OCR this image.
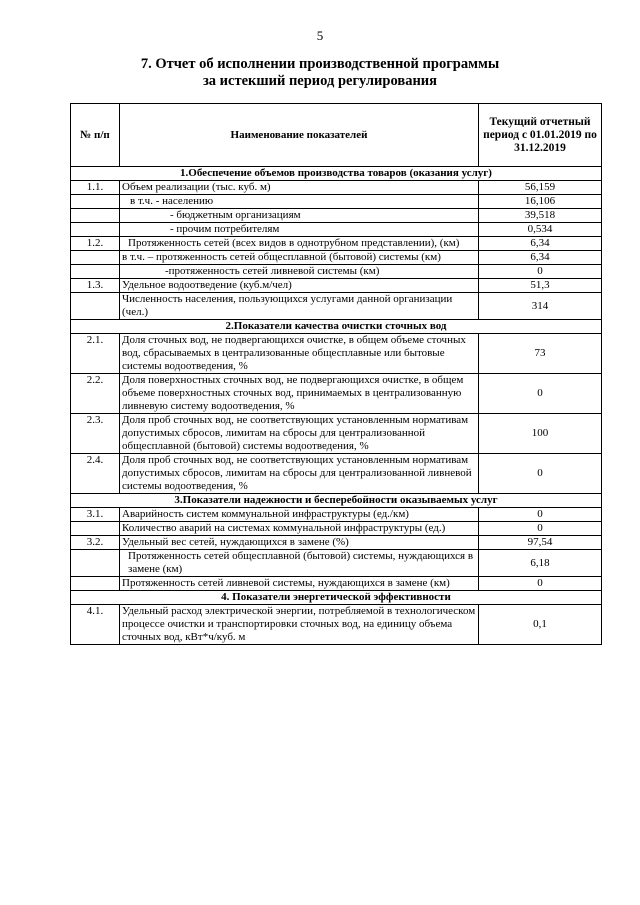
5
7. Отчет об исполнении производственной программы
за истекший период регулирования
№ п/п	Наименование показателей	Текущий отчетный период с 01.01.2019 по 31.12.2019
1.Обеспечение объемов производства товаров (оказания услуг)		
1.1.	Объем реализации (тыс. куб. м)	56,159
	в т.ч. - населению	16,106
	- бюджетным организациям	39,518
	- прочим потребителям	0,534
1.2.	Протяженность сетей (всех видов в однотрубном представлении), (км)	6,34
	в т.ч. – протяженность сетей общесплавной (бытовой) системы (км)	6,34
	-протяженность сетей ливневой системы (км)	0
1.3.	Удельное водоотведение (куб.м/чел)	51,3
	Численность населения, пользующихся услугами данной организации (чел.)	314
2.Показатели качества очистки сточных вод		
2.1.	Доля сточных вод, не подвергающихся очистке, в общем объеме сточных вод, сбрасываемых в централизованные общесплавные или бытовые системы водоотведения, %	73
2.2.	Доля поверхностных сточных вод, не подвергающихся очистке, в общем объеме поверхностных сточных вод, принимаемых в централизованную ливневую систему водоотведения, %	0
2.3.	Доля проб сточных вод, не соответствующих установленным нормативам допустимых сбросов, лимитам на сбросы для централизованной общесплавной (бытовой) системы водоотведения, %	100
2.4.	Доля проб сточных вод, не соответствующих установленным нормативам допустимых сбросов, лимитам на сбросы для централизованной ливневой системы водоотведения, %	0
3.Показатели надежности и бесперебойности оказываемых услуг		
3.1.	Аварийность систем коммунальной инфраструктуры (ед./км)	0
	Количество аварий на системах коммунальной инфраструктуры (ед.)	0
3.2.	Удельный вес сетей, нуждающихся в замене (%)	97,54
	Протяженность сетей общесплавной (бытовой) системы, нуждающихся в замене (км)	6,18
	Протяженность сетей ливневой системы, нуждающихся в замене (км)	0
4. Показатели энергетической эффективности		
4.1.	Удельный расход электрической энергии, потребляемой в технологическом процессе очистки и транспортировки сточных вод, на единицу объема сточных вод, кВт*ч/куб. м	0,1
